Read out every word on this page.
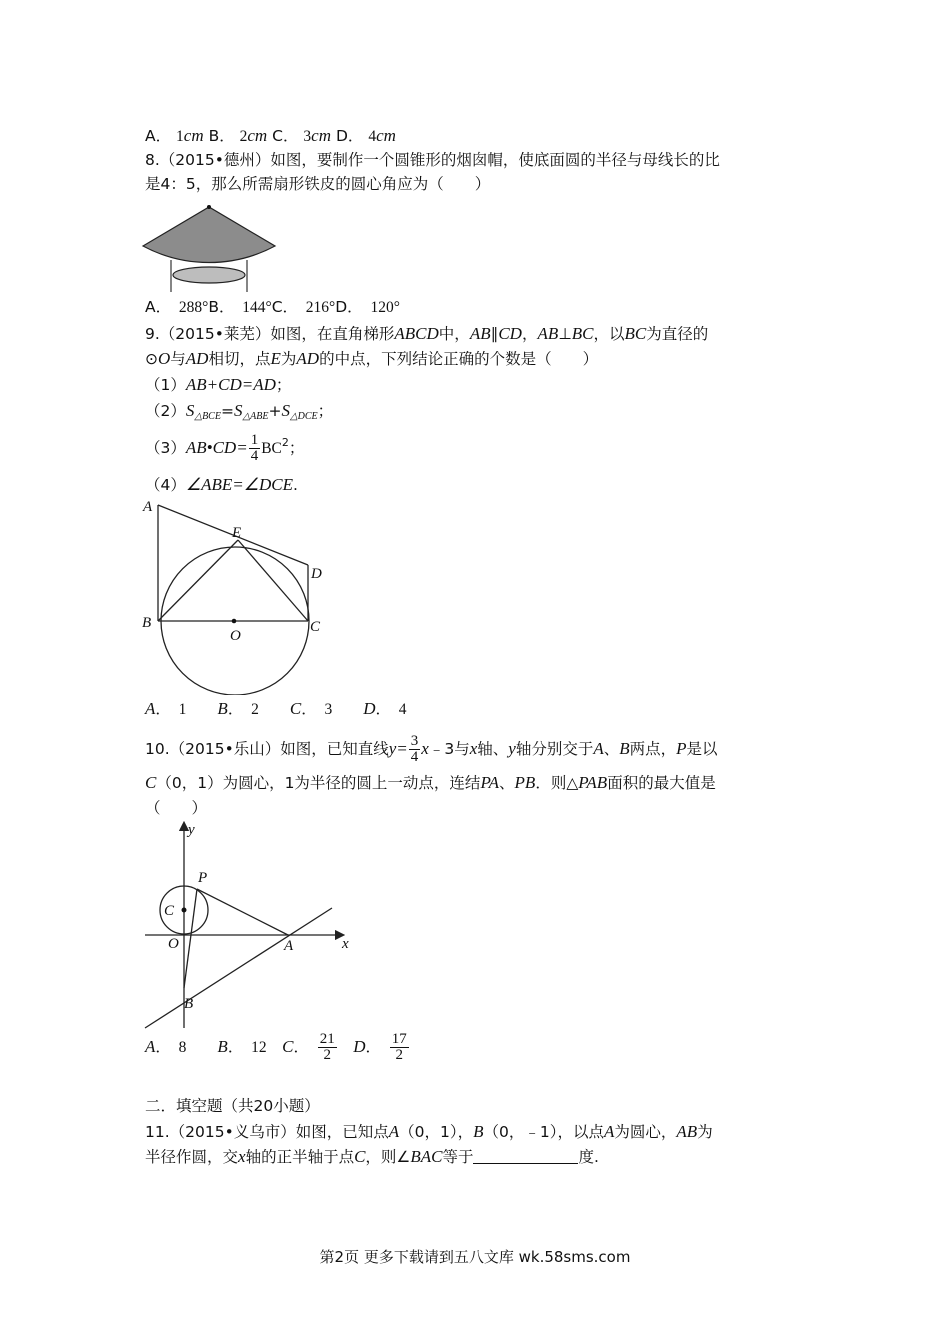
A． 1cm B． 2cm C． 3cm D． 4cm
8.（2015•德州）如图，要制作一个圆锥形的烟囱帽，使底面圆的半径与母线长的比
是4：5，那么所需扇形铁皮的圆心角应为（　　）
A．　288°B．　144°C．　216°D．　120°
9.（2015•莱芜）如图，在直角梯形ABCD中，AB∥CD，AB⊥BC，以BC为直径的
⊙O与AD相切，点E为AD的中点，下列结论正确的个数是（　　）
（1）AB+CD=AD；
$(2)S_{\triangle BCE}=S_{\triangle ABE}+S_{\triangle DCE}$；
（3）AB•CD= $\frac{1}{4} BC^2$；
（4）∠ABE=∠DCE.
A
E
D
B	C
O
A．　1　　 B．　2　　 C．　3　　 D．　4
10.（2015•乐山）如图，已知直线$y= \frac{3}{4}$ x﹣3与x轴、y轴分别交于A、B两点，P是以
C（0，1）为圆心，1为半径的圆上一动点，连结PA、PB．则△PAB面积的最大值是
（　　）
y
x
P
C
O	A
B
A．　8　　 B．　12　 C．　 $\frac{21}{2}$
　 D．　 $\frac{17}{2}$
二．填空题（共20小题）
11.（2015•义乌市）如图，已知点A（0，1），B（0，﹣1），以点A为圆心，AB为
半径作圆，交x轴的正半轴于点C，则∠BAC等于	度.
第2页 更多下载请到五八文库 wk.58sms.com
